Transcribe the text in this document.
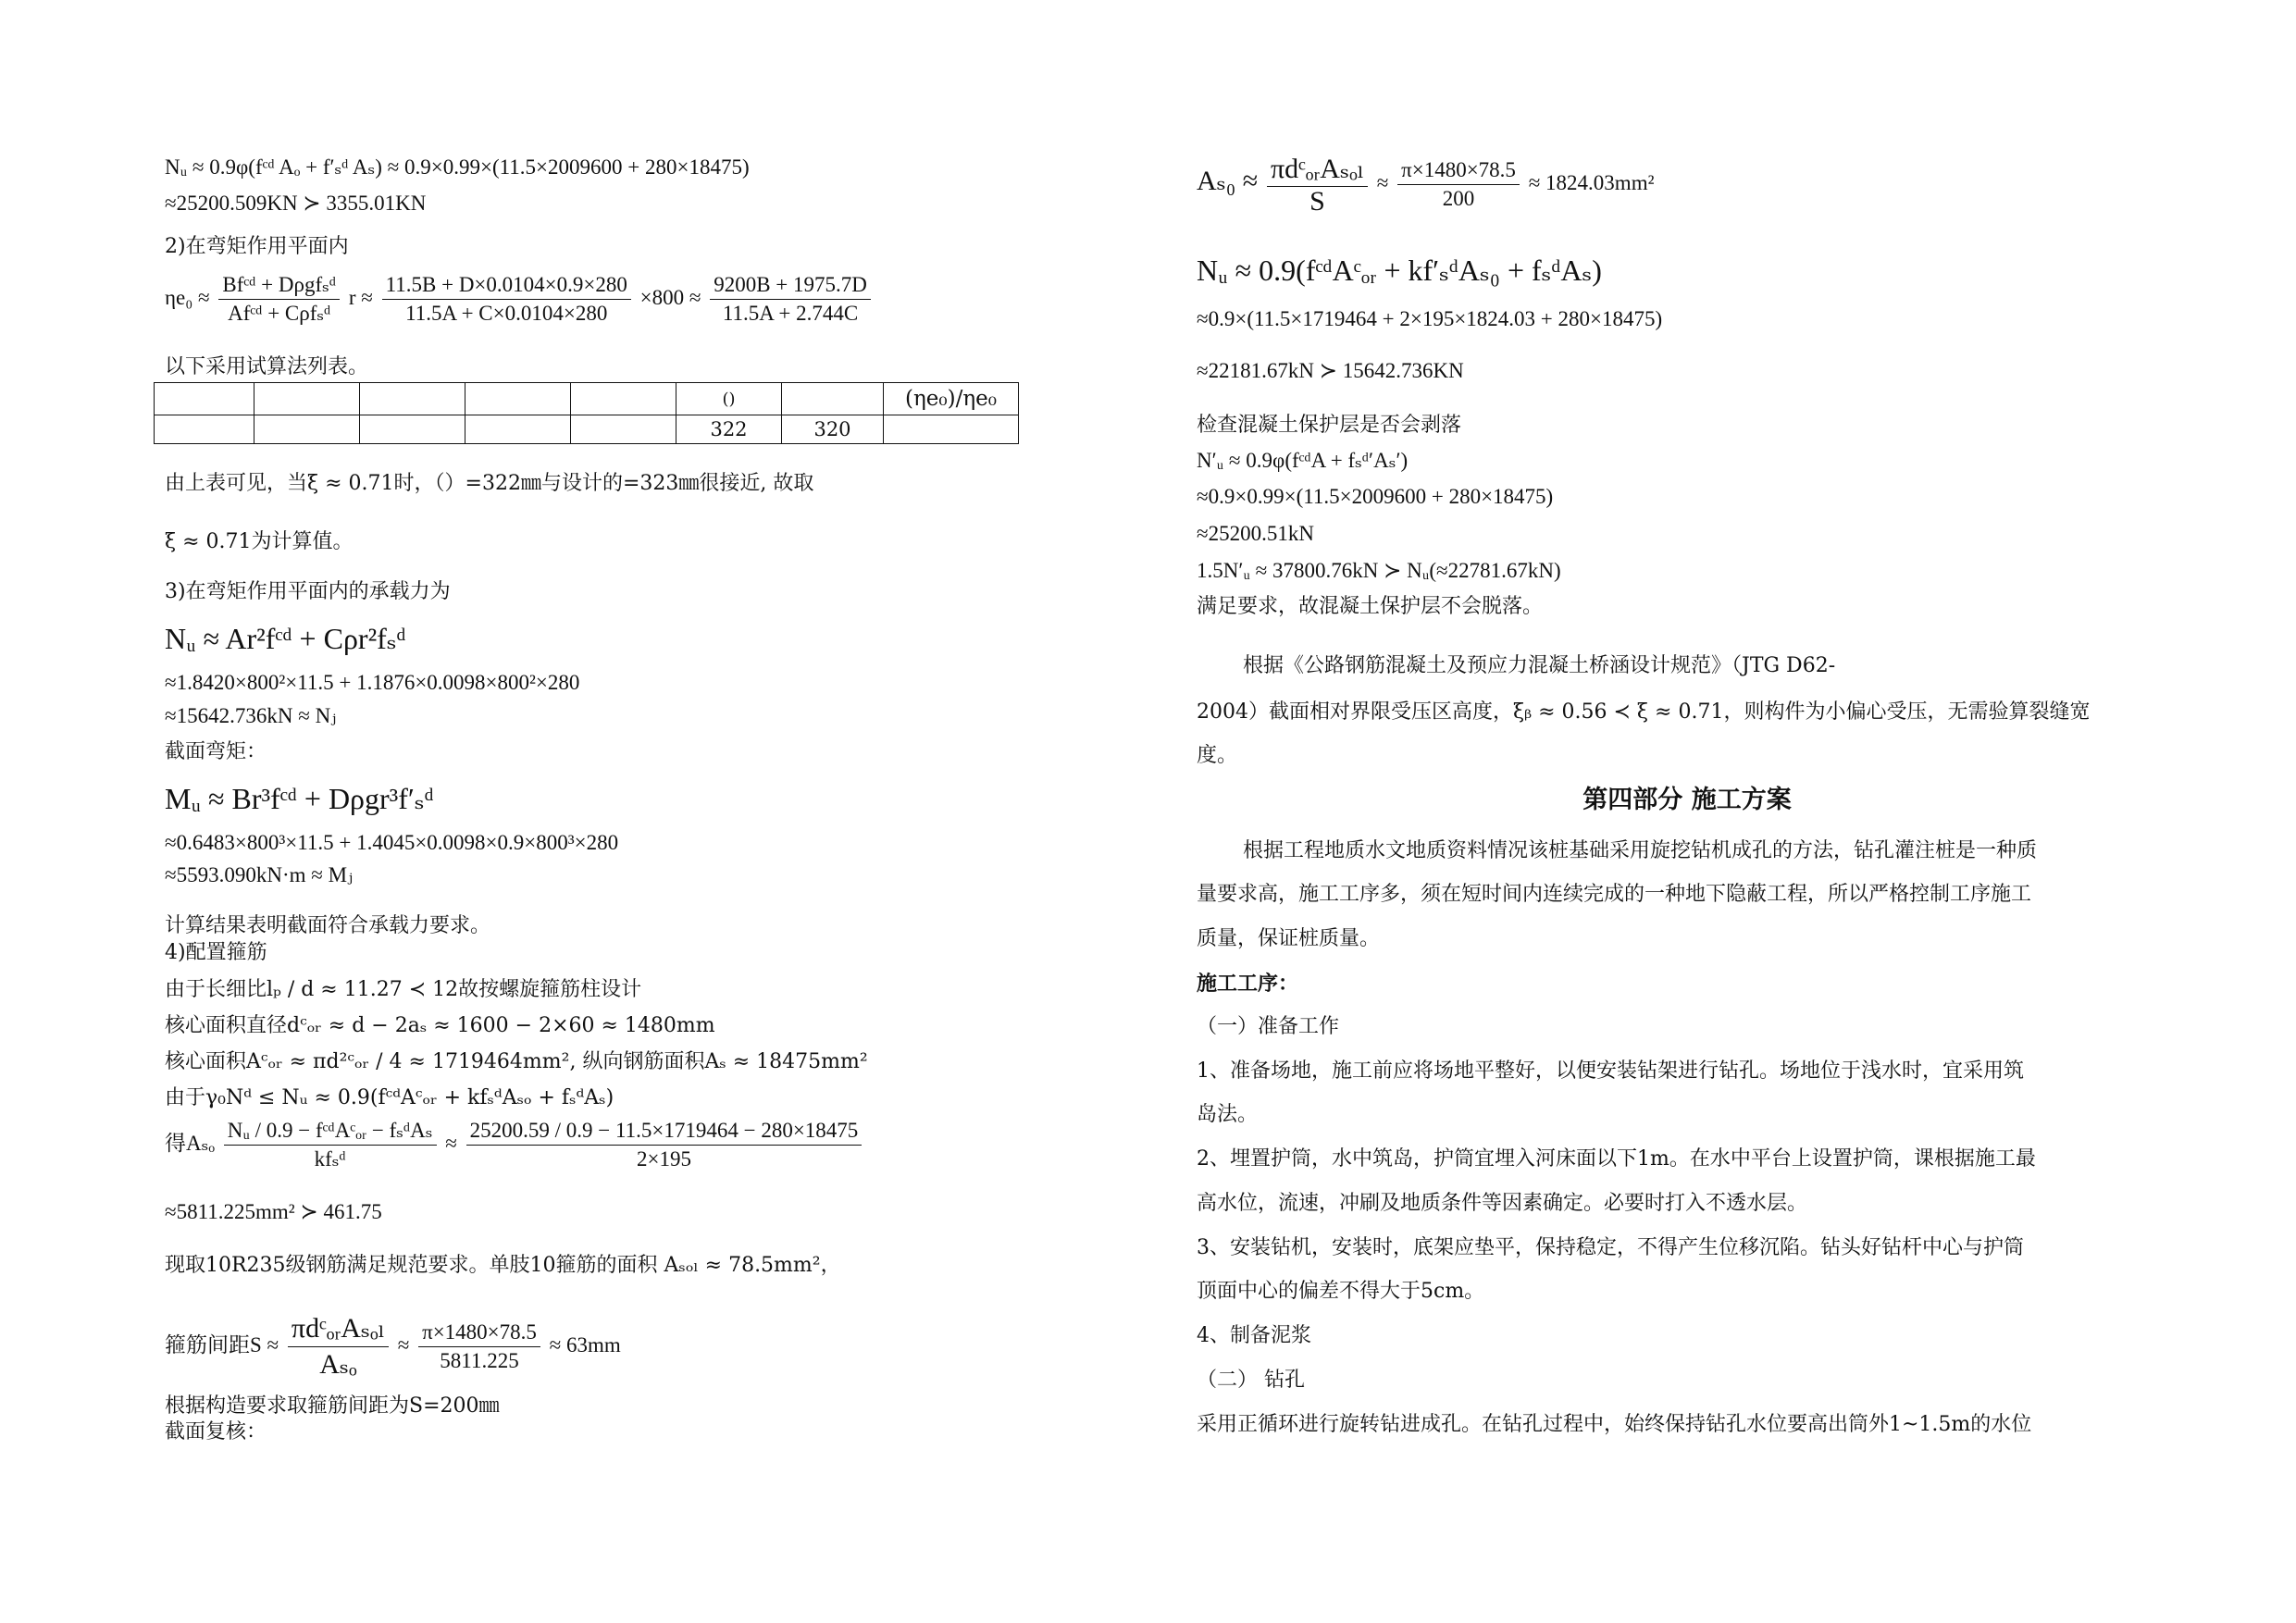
Nᵤ ≈ 0.9φ(fᶜᵈ Aₒ + f′ₛᵈ Aₛ) ≈ 0.9×0.99×(11.5×2009600 + 280×18475)
≈25200.509KN ≻ 3355.01KN
2)在弯矩作用平面内
$\eta e_0 \approx \frac{\text{Bfᶜᵈ + Dρgfₛᵈ}}{\text{Afᶜᵈ + Cρfₛᵈ}}$ $r \approx \frac{11.5B + D\times 0.0104\times 0.9\times 280}{11.5A + C\times 0.0104\times 280} \times 800 \approx \frac{9200B + 1975.7D}{11.5A + 2.744C}$
以下采用试算法列表。
					()		(ηe₀)/ηe₀
					322	320	
由上表可见，当ξ ≈ 0.71时，（）=322㎜与设计的=323㎜很接近, 故取
ξ ≈ 0.71为计算值。
3)在弯矩作用平面内的承载力为
Nᵤ ≈ Ar²fᶜᵈ + Cρr²fₛᵈ
≈1.8420×800²×11.5 + 1.1876×0.0098×800²×280
≈15642.736kN ≈ Nⱼ
截面弯矩：
Mᵤ ≈ Br³fᶜᵈ + Dρgr³f′ₛᵈ
≈0.6483×800³×11.5 + 1.4045×0.0098×0.9×800³×280
≈5593.090kN·m ≈ Mⱼ
计算结果表明截面符合承载力要求。
4)配置箍筋
由于长细比lₚ / d ≈ 11.27 ≺ 12故按螺旋箍筋柱设计
核心面积直径dᶜₒᵣ ≈ d − 2aₛ ≈ 1600 − 2×60 ≈ 1480mm
核心面积Aᶜₒᵣ ≈ πd²ᶜₒᵣ / 4 ≈ 1719464mm², 纵向钢筋面积Aₛ ≈ 18475mm²
由于γ₀Nᵈ ≤ Nᵤ ≈ 0.9(fᶜᵈAᶜₒᵣ + kfₛᵈAₛₒ + fₛᵈAₛ)
得Aₛₒ $\frac{\text{Nᵤ / 0.9 − fᶜᵈAᶜₒᵣ − fₛᵈAₛ}}{\text{kfₛᵈ}} \approx \frac{25200.59 / 0.9 - 11.5\times 1719464 - 280\times 18475}{2\times 195}$
≈5811.225mm² ≻ 461.75
现取10R235级钢筋满足规范要求。单肢10箍筋的面积 Aₛₒₗ ≈ 78.5mm²，
箍筋间距$S \approx \frac{\text{πdᶜₒᵣAₛₒₗ}}{\text{Aₛₒ}} \approx \frac{\pi\times 1480\times 78.5}{5811.225} \approx 63mm$
根据构造要求取箍筋间距为S=200㎜
截面复核：
$A_{s0} \approx \frac{\text{πdᶜₒᵣAₛₒₗ}}{S} \approx \frac{\pi\times 1480\times 78.5}{200} \approx 1824.03mm^2$
Nᵤ ≈ 0.9(fᶜᵈAᶜₒᵣ + kf′ₛᵈAₛ₀ + fₛᵈAₛ)
≈0.9×(11.5×1719464 + 2×195×1824.03 + 280×18475)
≈22181.67kN ≻ 15642.736KN
检查混凝土保护层是否会剥落
N′ᵤ ≈ 0.9φ(fᶜᵈA + fₛᵈ′Aₛ′)
≈0.9×0.99×(11.5×2009600 + 280×18475)
≈25200.51kN
1.5N′ᵤ ≈ 37800.76kN ≻ Nᵤ(≈22781.67kN)
满足要求，故混凝土保护层不会脱落。
根据《公路钢筋混凝土及预应力混凝土桥涵设计规范》（JTG D62-
2004）截面相对界限受压区高度，ξᵦ ≈ 0.56 ≺ ξ ≈ 0.71，则构件为小偏心受压，无需验算裂缝宽
度。
第四部分 施工方案
根据工程地质水文地质资料情况该桩基础采用旋挖钻机成孔的方法，钻孔灌注桩是一种质
量要求高，施工工序多，须在短时间内连续完成的一种地下隐蔽工程，所以严格控制工序施工
质量，保证桩质量。
施工工序：
（一）准备工作
1、准备场地，施工前应将场地平整好，以便安装钻架进行钻孔。场地位于浅水时，宜采用筑
岛法。
2、埋置护筒，水中筑岛，护筒宜埋入河床面以下1m。在水中平台上设置护筒，课根据施工最
高水位，流速，冲刷及地质条件等因素确定。必要时打入不透水层。
3、安装钻机，安装时，底架应垫平，保持稳定，不得产生位移沉陷。钻头好钻杆中心与护筒
顶面中心的偏差不得大于5cm。
4、制备泥浆
（二） 钻孔
采用正循环进行旋转钻进成孔。在钻孔过程中，始终保持钻孔水位要高出筒外1~1.5m的水位
